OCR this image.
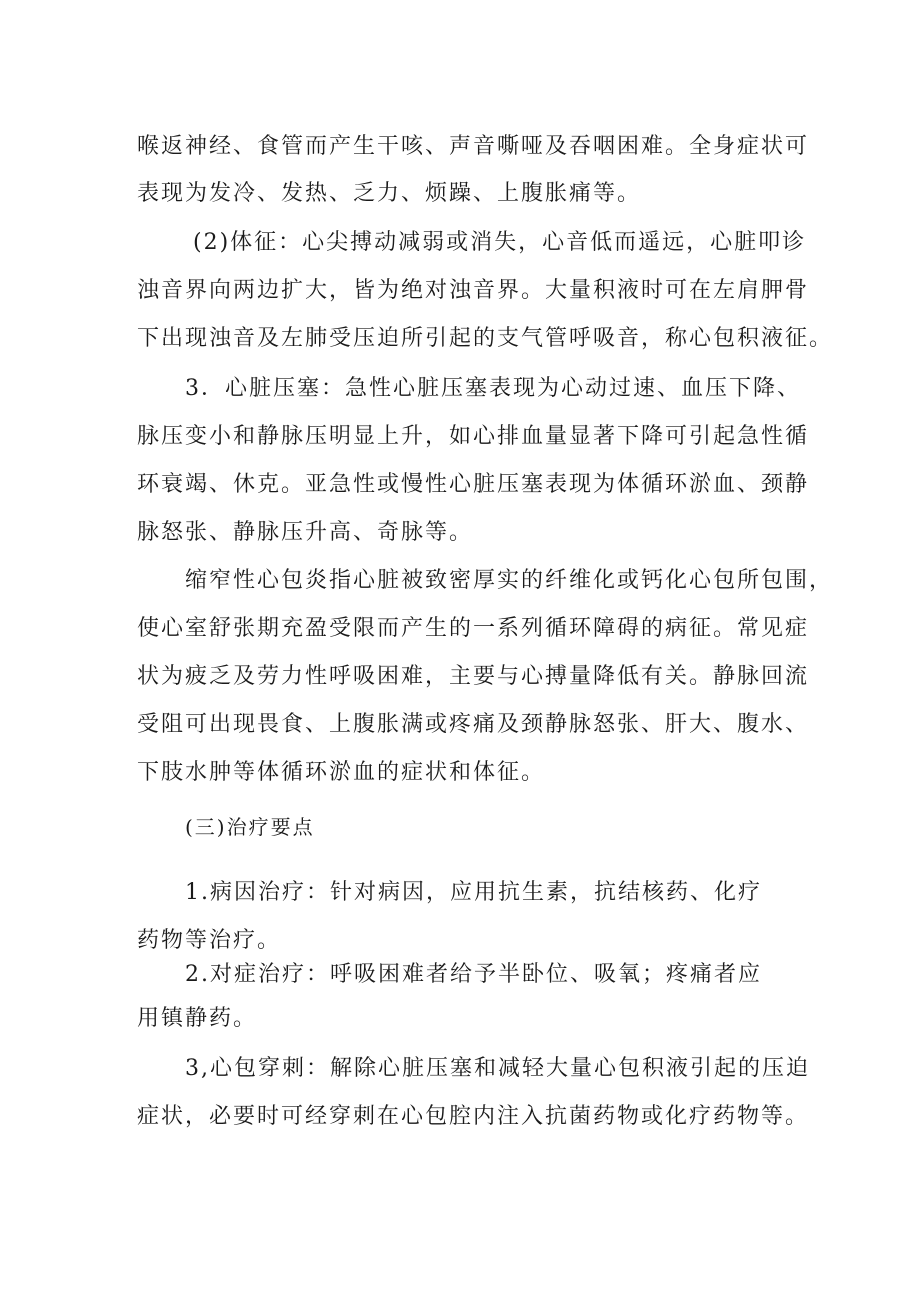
喉返神经、食管而产生干咳、声音嘶哑及吞咽困难。全身症状可
表现为发冷、发热、乏力、烦躁、上腹胀痛等。
(2)体征：心尖搏动减弱或消失，心音低而遥远，心脏叩诊
浊音界向两边扩大，皆为绝对浊音界。大量积液时可在左肩胛骨
下出现浊音及左肺受压迫所引起的支气管呼吸音，称心包积液征。
3．心脏压塞：急性心脏压塞表现为心动过速、血压下降、
脉压变小和静脉压明显上升，如心排血量显著下降可引起急性循
环衰竭、休克。亚急性或慢性心脏压塞表现为体循环淤血、颈静
脉怒张、静脉压升高、奇脉等。
缩窄性心包炎指心脏被致密厚实的纤维化或钙化心包所包围，
使心室舒张期充盈受限而产生的一系列循环障碍的病征。常见症
状为疲乏及劳力性呼吸困难，主要与心搏量降低有关。静脉回流
受阻可出现畏食、上腹胀满或疼痛及颈静脉怒张、肝大、腹水、
下肢水肿等体循环淤血的症状和体征。
(三)治疗要点
1.病因治疗：针对病因，应用抗生素，抗结核药、化疗
药物等治疗。
2.对症治疗：呼吸困难者给予半卧位、吸氧；疼痛者应
用镇静药。
3,心包穿刺：解除心脏压塞和减轻大量心包积液引起的压迫
症状，必要时可经穿刺在心包腔内注入抗菌药物或化疗药物等。
